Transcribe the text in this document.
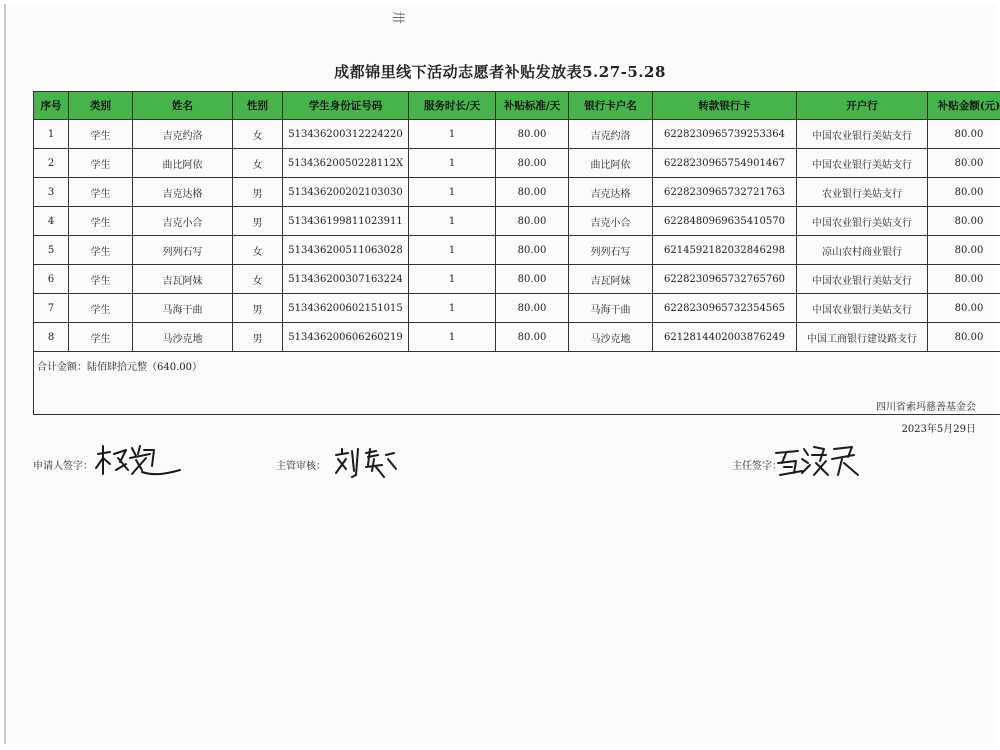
卅
成都锦里线下活动志愿者补贴发放表5.27-5.28
序号	类别	姓名	性别	学生身份证号码	服务时长/天	补贴标准/天	银行卡户名	转款银行卡	开户行	补贴金额(元)
1	学生	吉克约洛	女	513436200312224220	1	80.00	吉克约洛	6228230965739253364	中国农业银行美姑支行	80.00
2	学生	曲比阿依	女	51343620050228112X	1	80.00	曲比阿依	6228230965754901467	中国农业银行美姑支行	80.00
3	学生	吉克达格	男	513436200202103030	1	80.00	吉克达格	6228230965732721763	农业银行美姑支行	80.00
4	学生	吉克小合	男	513436199811023911	1	80.00	吉克小合	6228480969635410570	中国农业银行美姑支行	80.00
5	学生	列列石写	女	513436200511063028	1	80.00	列列石写	6214592182032846298	凉山农村商业银行	80.00
6	学生	吉瓦阿妹	女	513436200307163224	1	80.00	吉瓦阿妹	6228230965732765760	中国农业银行美姑支行	80.00
7	学生	马海干曲	男	513436200602151015	1	80.00	马海干曲	6228230965732354565	中国农业银行美姑支行	80.00
8	学生	马沙克地	男	513436200606260219	1	80.00	马沙克地	6212814402003876249	中国工商银行建设路支行	80.00
合计金额：陆佰肆拾元整（640.00）										
四川省索玛慈善基金会
2023年5月29日
申请人签字：	主管审核：	主任签字：
